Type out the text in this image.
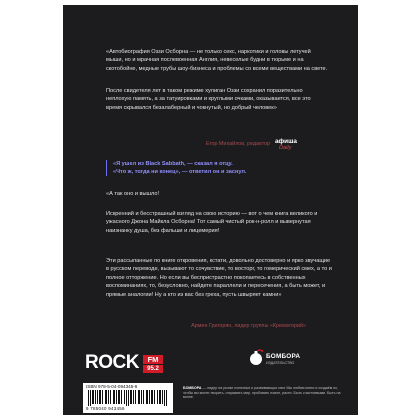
«Автобиография Оззи Осборна — не только секс, наркотики и головы летучей мыши, но и мрачная послевоенная Англия, невеселые будни в тюрьме и на скотобойне, медные трубы шоу-бизнеса и проблемы со всеми веществами на свете.

После свидетеля лет в таком режиме хулиган Оззи сохранил поразительно неплохую память, а за татуировками и круглыми очками, оказывается, все это время скрывался безалаберный и чокнутый, но добрый человек»

Егор Михайлов, редактор афиша
Daily
«Я ушел из Black Sabbath, — сказал я отцу.
«Что ж, тогда ни конец», — ответил он и заснул.

«А так оно и вышло!

Искренний и бесстрашный взгляд на свою историю — вот о чем книга великого и ужасного Джона Майкла Осборна! Тот самый чистый рок-н-ролл и вывернутая наизнанку душа, без фальши и лицемерия!

Эти рассыпанные по книге откровения, кстати, довольно достоверно и ярко звучащие в русском переводе, вызывают то сочувствие, то восторг, то гомерический смех, а то и полное отторжение. Но если вы беспристрастно покопаетесь в собственных воспоминаниях, то, безусловно, найдете параллели и пересечения, а быть может, и прямые аналогии! Ну а кто из вас без греха, пусть швыряет камни»

Армен Григорян, лидер группы «Крематорий»
ROCK	FM
95.2
БОМБОРА
ИЗДАТЕЛЬСТВО
ISBN 978-5-04-094345-6
9 785040 943456

БОМБОРА — лидер на рынке полезных и развивающих книг. Мы любим книги и создаём их, чтобы вы могли творить, открывать мир, пробовать новое, расти. Быть счастливыми. Быть на волне.
